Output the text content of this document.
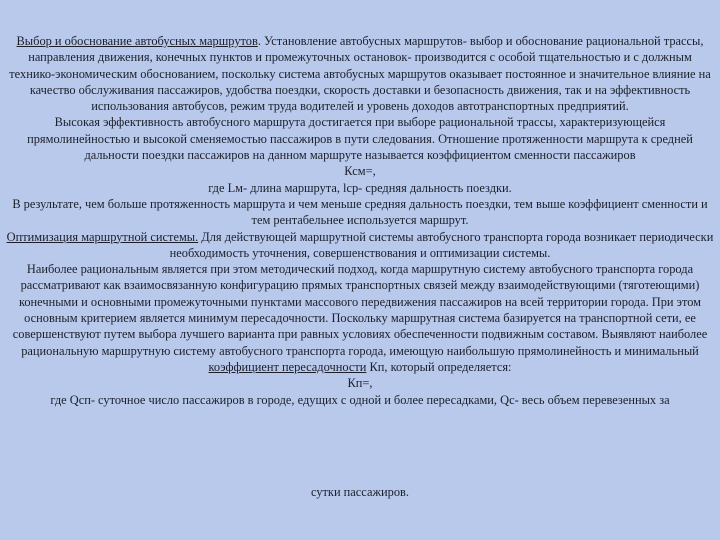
Выбор и обоснование автобусных маршрутов. Установление автобусных маршрутов- выбор и обоснование рациональной трассы, направления движения, конечных пунктов и промежуточных остановок- производится с особой тщательностью и с должным технико-экономическим обоснованием, поскольку система автобусных маршрутов оказывает постоянное и значительное влияние на качество обслуживания пассажиров, удобства поездки, скорость доставки и безопасность движения, так и на эффективность использования автобусов, режим труда водителей и уровень доходов автотранспортных предприятий.

Высокая эффективность автобусного маршрута достигается при выборе рациональной трассы, характеризующейся прямолинейностью и высокой сменяемостью пассажиров в пути следования. Отношение протяженности маршрута к средней дальности поездки пассажиров на данном маршруте называется коэффициентом сменности пассажиров

Ксм=,

где Lм- длина маршрута, lср- средняя дальность поездки.

В результате, чем больше протяженность маршрута и чем меньше средняя дальность поездки, тем выше коэффициент сменности и тем рентабельнее используется маршрут.

Оптимизация маршрутной системы. Для действующей маршрутной системы автобусного транспорта города возникает периодически необходимость уточнения, совершенствования и оптимизации системы.

Наиболее рациональным является при этом методический подход, когда маршрутную систему автобусного транспорта города рассматривают как взаимосвязанную конфигурацию прямых транспортных связей между взаимодействующими (тяготеющими) конечными и основными промежуточными пунктами массового передвижения пассажиров на всей территории города. При этом основным критерием является минимум пересадочности. Поскольку маршрутная система базируется на транспортной сети, ее совершенствуют путем выбора лучшего варианта при равных условиях обеспеченности подвижным составом. Выявляют наиболее рациональную маршрутную систему автобусного транспорта города, имеющую наибольшую прямолинейность и минимальный коэффициент пересадочности Кп, который определяется:

Кп=,

где Qсп- суточное число пассажиров в городе, едущих с одной и более пересадками, Qс- весь объем перевезенных за

сутки пассажиров.
